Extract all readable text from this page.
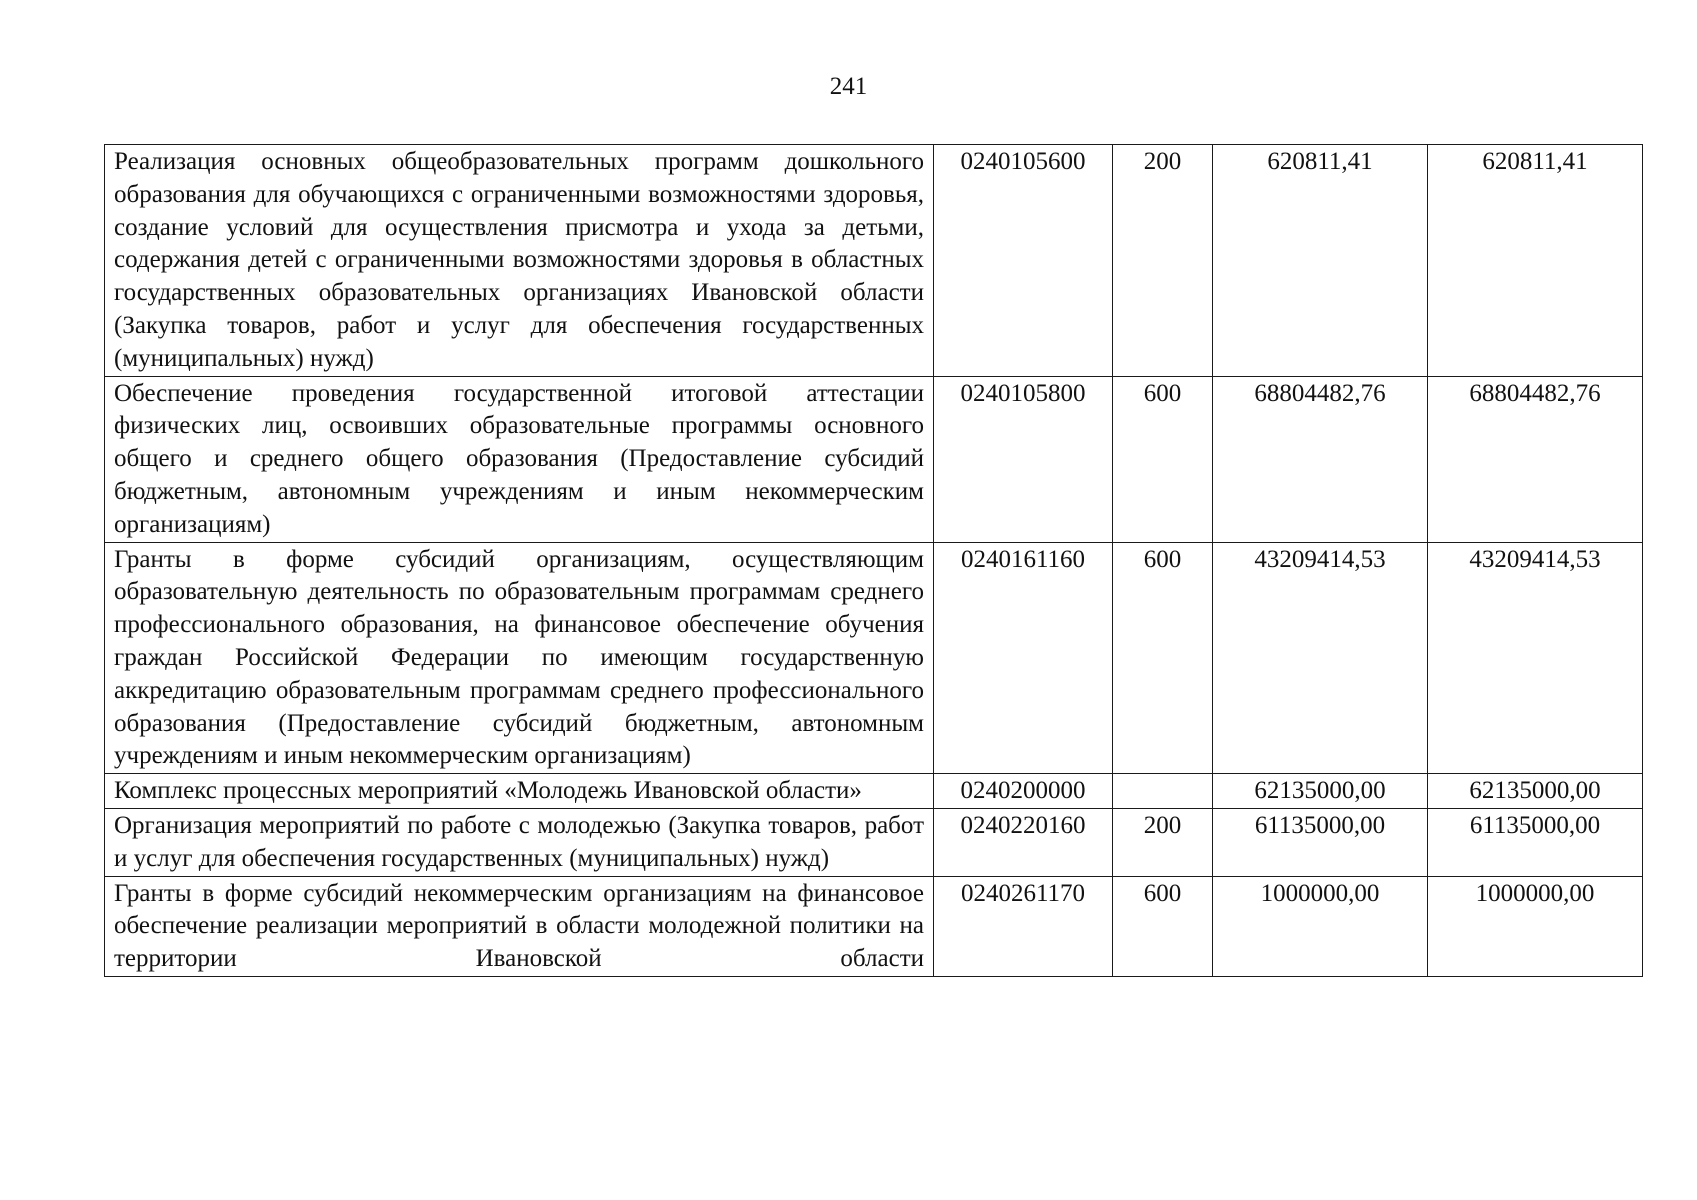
241
Реализация основных общеобразовательных программ дошкольного образования для обучающихся с ограниченными возможностями здоровья, создание условий для осуществления присмотра и ухода за детьми, содержания детей с ограниченными возможностями здоровья в областных государственных образовательных организациях Ивановской области (Закупка товаров, работ и услуг для обеспечения государственных (муниципальных) нужд)	0240105600	200	620811,41	620811,41
Обеспечение проведения государственной итоговой аттестации физических лиц, освоивших образовательные программы основного общего и среднего общего образования (Предоставление субсидий бюджетным, автономным учреждениям и иным некоммерческим организациям)	0240105800	600	68804482,76	68804482,76
Гранты в форме субсидий организациям, осуществляющим образовательную деятельность по образовательным программам среднего профессионального образования, на финансовое обеспечение обучения граждан Российской Федерации по имеющим государственную аккредитацию образовательным программам среднего профессионального образования (Предоставление субсидий бюджетным, автономным учреждениям и иным некоммерческим организациям)	0240161160	600	43209414,53	43209414,53
Комплекс процессных мероприятий «Молодежь Ивановской области»	0240200000		62135000,00	62135000,00
Организация мероприятий по работе с молодежью (Закупка товаров, работ и услуг для обеспечения государственных (муниципальных) нужд)	0240220160	200	61135000,00	61135000,00
Гранты в форме субсидий некоммерческим организациям на финансовое обеспечение реализации мероприятий в области молодежной политики на территории Ивановской области	0240261170	600	1000000,00	1000000,00
